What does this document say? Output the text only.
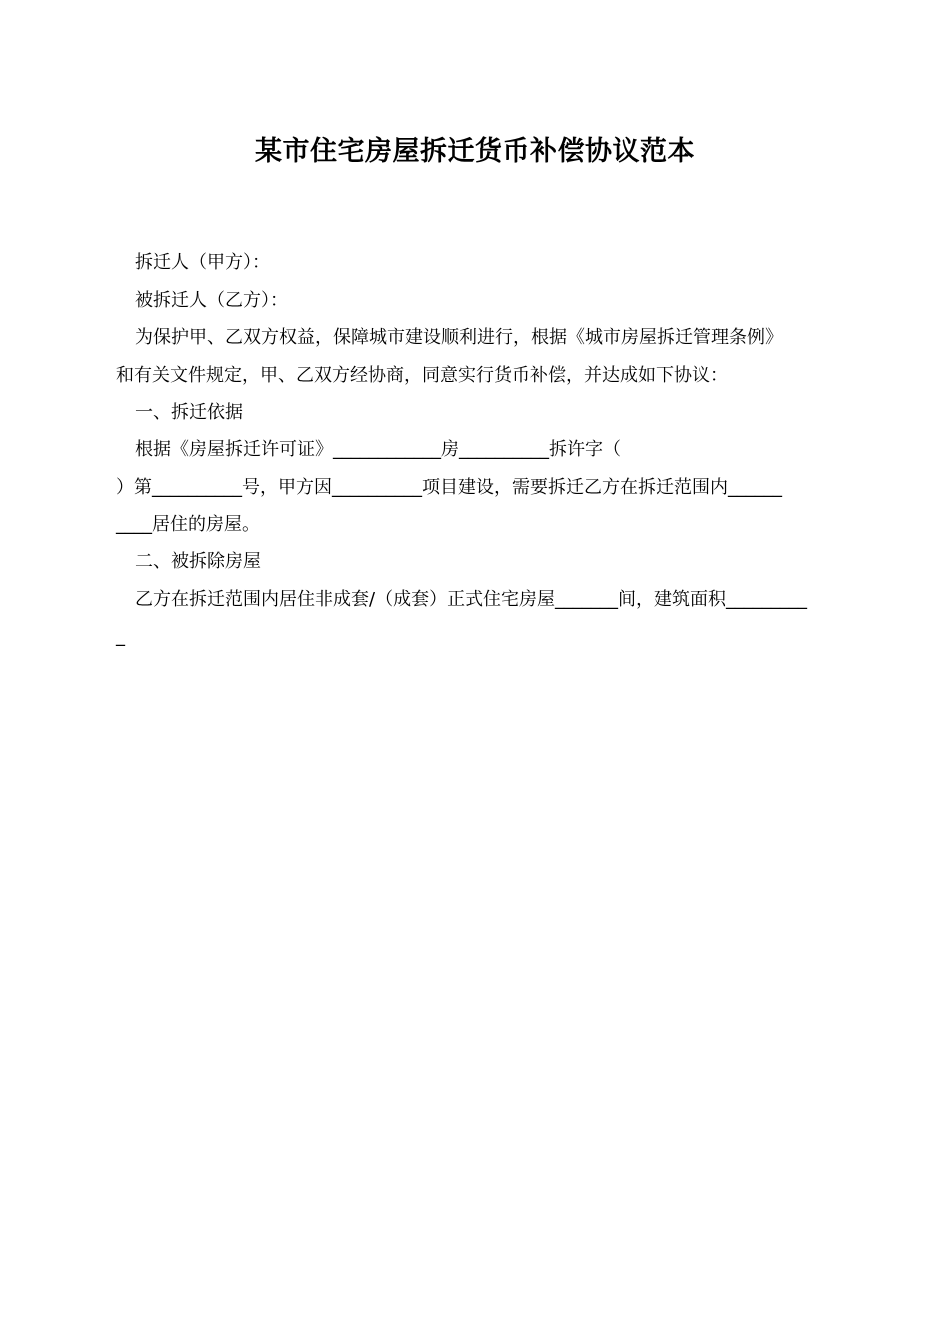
某市住宅房屋拆迁货币补偿协议范本
拆迁人（甲方）：
被拆迁人（乙方）：
为保护甲、乙双方权益，保障城市建设顺利进行，根据《城市房屋拆迁管理条例》
和有关文件规定，甲、乙双方经协商，同意实行货币补偿，并达成如下协议：
一、拆迁依据
根据《房屋拆迁许可证》____________房__________拆许字（
）第__________号，甲方因__________项目建设，需要拆迁乙方在拆迁范围内______
____居住的房屋。
二、被拆除房屋
乙方在拆迁范围内居住非成套/（成套）正式住宅房屋_______间，建筑面积_________
_
